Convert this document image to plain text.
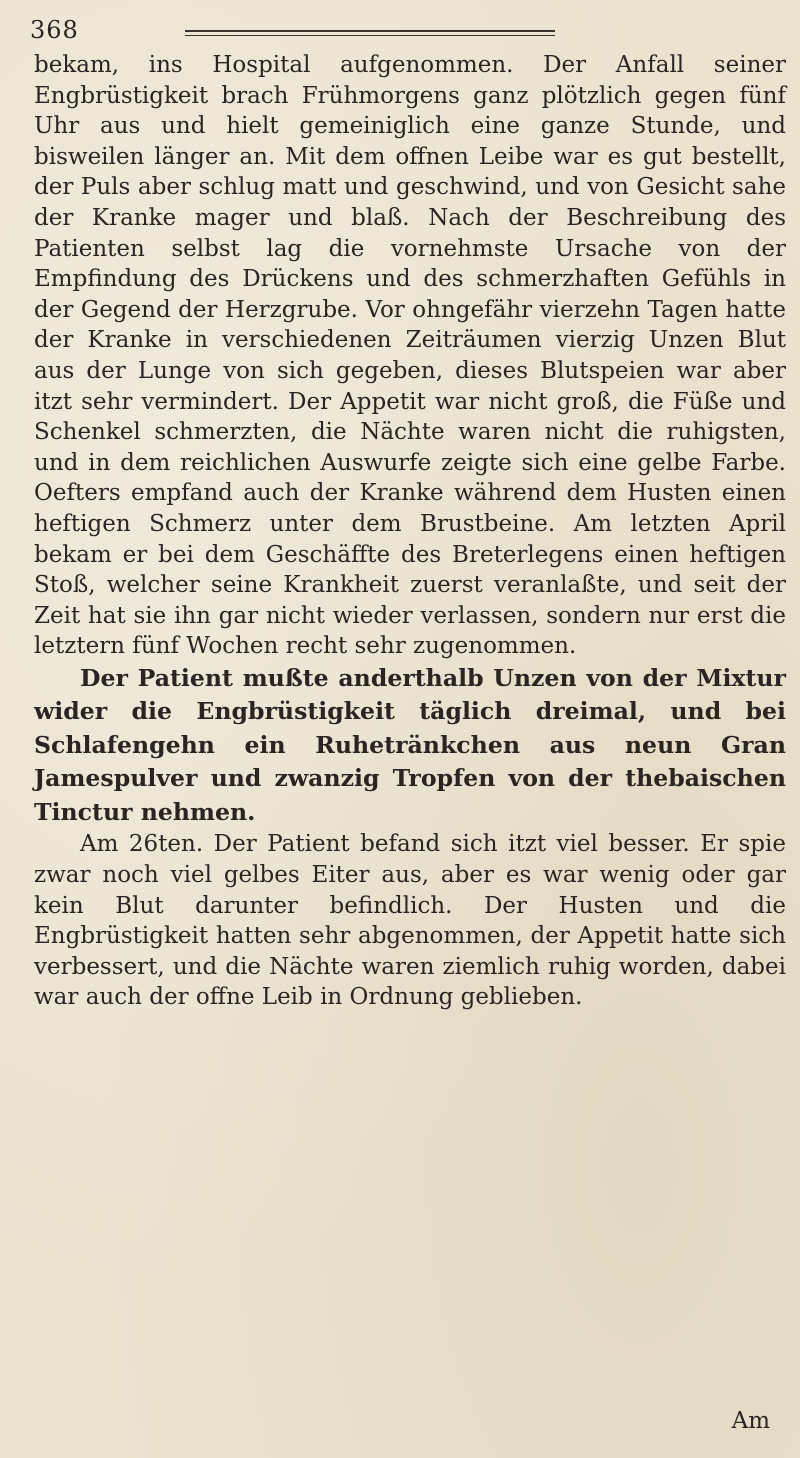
368

bekam, ins Hospital aufgenommen. Der Anfall seiner Engbrüstigkeit brach Frühmorgens ganz plötzlich gegen fünf Uhr aus und hielt gemeiniglich eine ganze Stunde, und bisweilen länger an. Mit dem offnen Leibe war es gut bestellt, der Puls aber schlug matt und geschwind, und von Gesicht sahe der Kranke mager und blaß. Nach der Beschreibung des Patienten selbst lag die vornehmste Ursache von der Empfindung des Drückens und des schmerzhaften Gefühls in der Gegend der Herzgrube. Vor ohngefähr vierzehn Tagen hatte der Kranke in verschiedenen Zeiträumen vierzig Unzen Blut aus der Lunge von sich gegeben, dieses Blutspeien war aber itzt sehr vermindert. Der Appetit war nicht groß, die Füße und Schenkel schmerzten, die Nächte waren nicht die ruhigsten, und in dem reichlichen Auswurfe zeigte sich eine gelbe Farbe. Oefters empfand auch der Kranke während dem Husten einen heftigen Schmerz unter dem Brustbeine. Am letzten April bekam er bei dem Geschäffte des Breterlegens einen heftigen Stoß, welcher seine Krankheit zuerst veranlaßte, und seit der Zeit hat sie ihn gar nicht wieder verlassen, sondern nur erst die letztern fünf Wochen recht sehr zugenommen.

Der Patient mußte anderthalb Unzen von der Mixtur wider die Engbrüstigkeit täglich dreimal, und bei Schlafengehn ein Ruhetränkchen aus neun Gran Jamespulver und zwanzig Tropfen von der thebaischen Tinctur nehmen.

Am 26ten. Der Patient befand sich itzt viel besser. Er spie zwar noch viel gelbes Eiter aus, aber es war wenig oder gar kein Blut darunter befindlich. Der Husten und die Engbrüstigkeit hatten sehr abgenommen, der Appetit hatte sich verbessert, und die Nächte waren ziemlich ruhig worden, dabei war auch der offne Leib in Ordnung geblieben.

Am
